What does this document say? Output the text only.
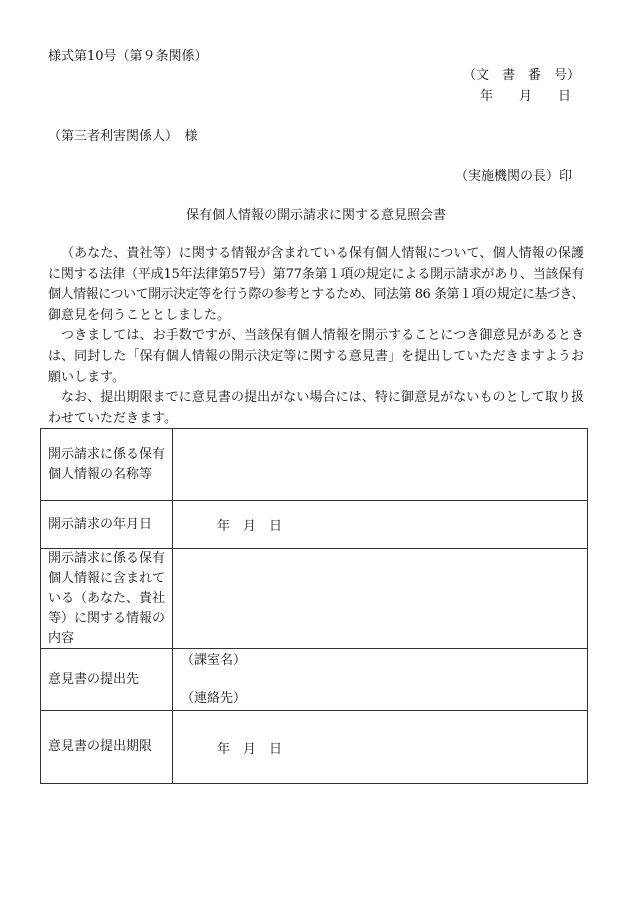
様式第10号（第９条関係）
（文　書　番　号）
年　　月　　日
（第三者利害関係人）　様
（実施機関の長）印
保有個人情報の開示請求に関する意見照会書
（あなた、貴社等）に関する情報が含まれている保有個人情報について、個人情報の保護
に関する法律（平成15年法律第57号）第77条第１項の規定による開示請求があり、当該保有
個人情報について開示決定等を行う際の参考とするため、同法第 86 条第１項の規定に基づき、
御意見を伺うこととしました。
つきましては、お手数ですが、当該保有個人情報を開示することにつき御意見があるとき
は、同封した「保有個人情報の開示決定等に関する意見書」を提出していただきますようお
願いします。
なお、提出期限までに意見書の提出がない場合には、特に御意見がないものとして取り扱
わせていただきます。
開示請求に係る保有
個人情報の名称等
開示請求の年月日	年　月　日
開示請求に係る保有
個人情報に含まれて
いる（あなた、貴社
等）に関する情報の
内容
意見書の提出先
（課室名）
（連絡先）
意見書の提出期限	年　月　日
